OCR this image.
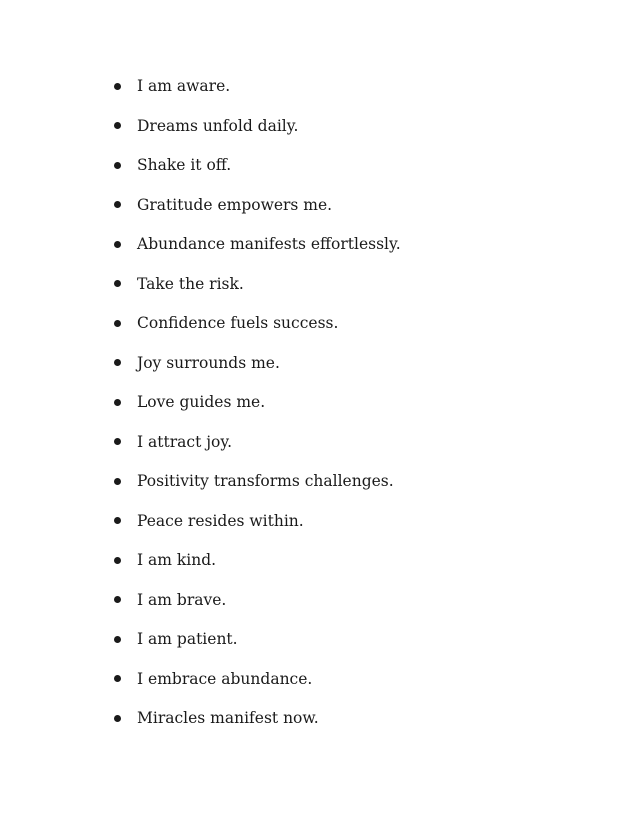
I am aware.
Dreams unfold daily.
Shake it off.
Gratitude empowers me.
Abundance manifests effortlessly.
Take the risk.
Confidence fuels success.
Joy surrounds me.
Love guides me.
I attract joy.
Positivity transforms challenges.
Peace resides within.
I am kind.
I am brave.
I am patient.
I embrace abundance.
Miracles manifest now.
